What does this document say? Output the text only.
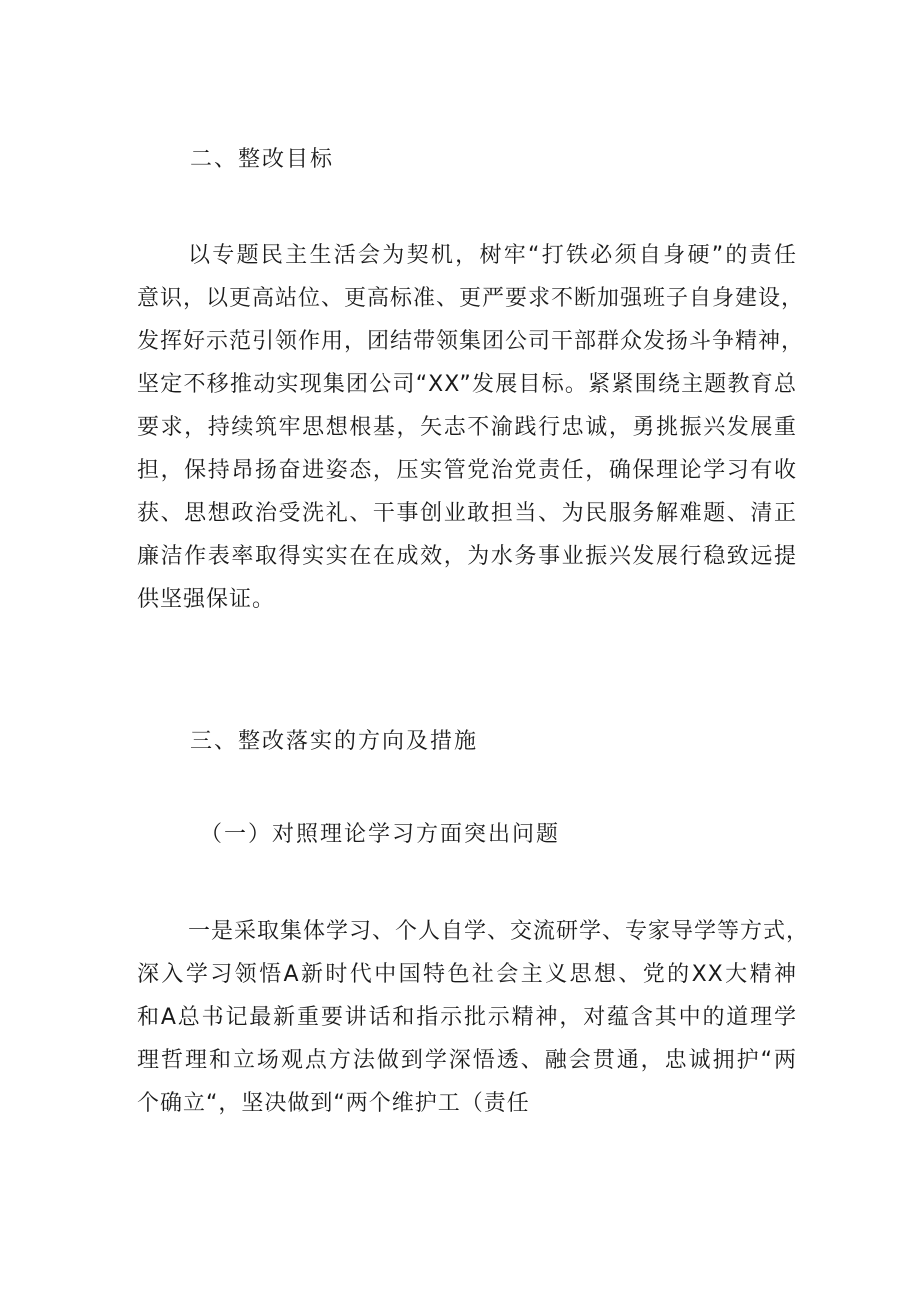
二、整改目标
以专题民主生活会为契机，树牢“打铁必须自身硬”的责任
意识，以更高站位、更高标准、更严要求不断加强班子自身建设，
发挥好示范引领作用，团结带领集团公司干部群众发扬斗争精神，
坚定不移推动实现集团公司“XX”发展目标。紧紧围绕主题教育总
要求，持续筑牢思想根基，矢志不渝践行忠诚，勇挑振兴发展重
担，保持昂扬奋进姿态，压实管党治党责任，确保理论学习有收
获、思想政治受洗礼、干事创业敢担当、为民服务解难题、清正
廉洁作表率取得实实在在成效，为水务事业振兴发展行稳致远提
供坚强保证。
三、整改落实的方向及措施
（一）对照理论学习方面突出问题
一是采取集体学习、个人自学、交流研学、专家导学等方式，
深入学习领悟A新时代中国特色社会主义思想、党的XX大精神
和A总书记最新重要讲话和指示批示精神，对蕴含其中的道理学
理哲理和立场观点方法做到学深悟透、融会贯通，忠诚拥护“两
个确立“，坚决做到“两个维护工（责任
